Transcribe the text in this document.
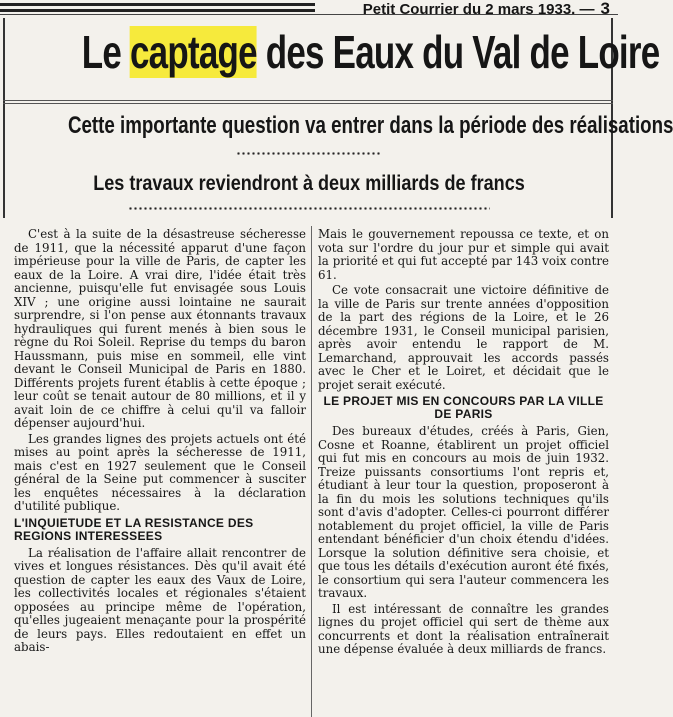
Petit Courrier du 2 mars 1933. — 3
Le captage des Eaux du Val de Loire
Cette importante question va entrer dans la période des réalisations
Les travaux reviendront à deux milliards de francs

C'est à la suite de la désastreuse sécheresse de 1911, que la nécessité apparut d'une façon impérieuse pour la ville de Paris, de capter les eaux de la Loire. A vrai dire, l'idée était très ancienne, puisqu'elle fut envisagée sous Louis XIV ; une origine aussi lointaine ne saurait surprendre, si l'on pense aux étonnants travaux hydrauliques qui furent menés à bien sous le règne du Roi Soleil. Reprise du temps du baron Haussmann, puis mise en sommeil, elle vint devant le Conseil Municipal de Paris en 1880. Différents projets furent établis à cette époque ; leur coût se tenait autour de 80 millions, et il y avait loin de ce chiffre à celui qu'il va falloir dépenser aujourd'hui.

Les grandes lignes des projets actuels ont été mises au point après la sécheresse de 1911, mais c'est en 1927 seulement que le Conseil général de la Seine put commencer à susciter les enquêtes nécessaires à la déclaration d'utilité publique.

L'INQUIETUDE ET LA RESISTANCE DES REGIONS INTERESSEES

La réalisation de l'affaire allait rencontrer de vives et longues résistances. Dès qu'il avait été question de capter les eaux des Vaux de Loire, les collectivités locales et régionales s'étaient opposées au principe même de l'opération, qu'elles jugeaient menaçante pour la prospérité de leurs pays. Elles redoutaient en effet un abais-

Mais le gouvernement repoussa ce texte, et on vota sur l'ordre du jour pur et simple qui avait la priorité et qui fut accepté par 143 voix contre 61.

Ce vote consacrait une victoire définitive de la ville de Paris sur trente années d'opposition de la part des régions de la Loire, et le 26 décembre 1931, le Conseil municipal parisien, après avoir entendu le rapport de M. Lemarchand, approuvait les accords passés avec le Cher et le Loiret, et décidait que le projet serait exécuté.

LE PROJET MIS EN CONCOURS PAR LA VILLE DE PARIS

Des bureaux d'études, créés à Paris, Gien, Cosne et Roanne, établirent un projet officiel qui fut mis en concours au mois de juin 1932. Treize puissants consortiums l'ont repris et, étudiant à leur tour la question, proposeront à la fin du mois les solutions techniques qu'ils sont d'avis d'adopter. Celles-ci pourront différer notablement du projet officiel, la ville de Paris entendant bénéficier d'un choix étendu d'idées. Lorsque la solution définitive sera choisie, et que tous les détails d'exécution auront été fixés, le consortium qui sera l'auteur commencera les travaux.

Il est intéressant de connaître les grandes lignes du projet officiel qui sert de thème aux concurrents et dont la réalisation entraînerait une dépense évaluée à deux milliards de francs.
